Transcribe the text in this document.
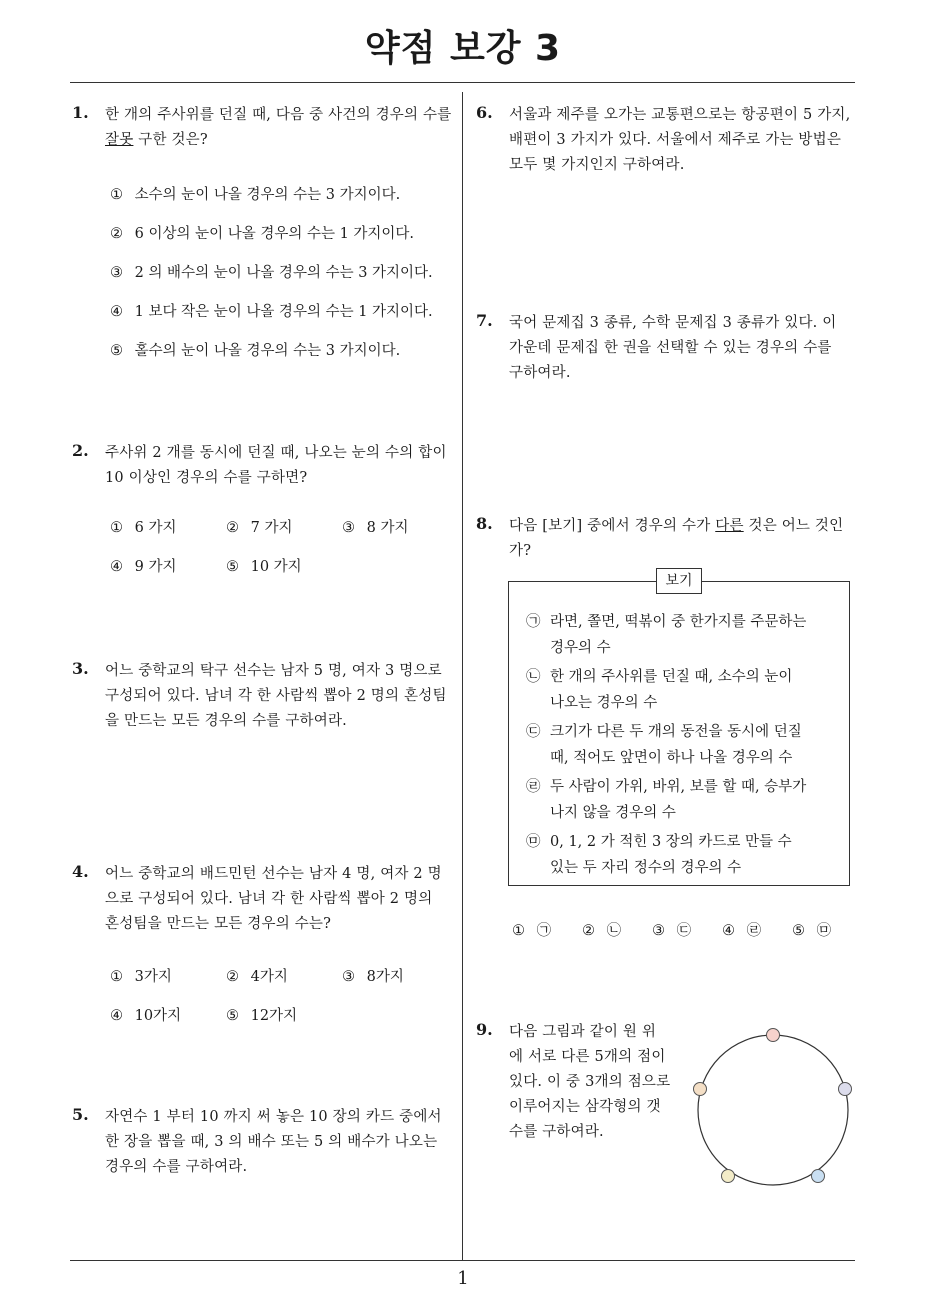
약점 보강 3
1
1. 한 개의 주사위를 던질 때, 다음 중 사건의 경우의 수를
잘못 구한 것은?
① 소수의 눈이 나올 경우의 수는 3 가지이다.
② 6 이상의 눈이 나올 경우의 수는 1 가지이다.
③ 2 의 배수의 눈이 나올 경우의 수는 3 가지이다.
④ 1 보다 작은 눈이 나올 경우의 수는 1 가지이다.
⑤ 홀수의 눈이 나올 경우의 수는 3 가지이다.
2. 주사위 2 개를 동시에 던질 때, 나오는 눈의 수의 합이
10 이상인 경우의 수를 구하면?
① 6 가지	② 7 가지	③ 8 가지
④ 9 가지	⑤ 10 가지
3. 어느 중학교의 탁구 선수는 남자 5 명, 여자 3 명으로
구성되어 있다. 남녀 각 한 사람씩 뽑아 2 명의 혼성팀
을 만드는 모든 경우의 수를 구하여라.
4. 어느 중학교의 배드민턴 선수는 남자 4 명, 여자 2 명
으로 구성되어 있다. 남녀 각 한 사람씩 뽑아 2 명의
혼성팀을 만드는 모든 경우의 수는?
① 3가지	② 4가지	③ 8가지
④ 10가지	⑤ 12가지
5. 자연수 1 부터 10 까지 써 놓은 10 장의 카드 중에서
한 장을 뽑을 때, 3 의 배수 또는 5 의 배수가 나오는
경우의 수를 구하여라.
6. 서울과 제주를 오가는 교통편으로는 항공편이 5 가지,
배편이 3 가지가 있다. 서울에서 제주로 가는 방법은
모두 몇 가지인지 구하여라.
7. 국어 문제집 3 종류, 수학 문제집 3 종류가 있다. 이
가운데 문제집 한 권을 선택할 수 있는 경우의 수를
구하여라.
8. 다음 [보기] 중에서 경우의 수가 다른 것은 어느 것인
가?
보기
㉠ 라면, 쫄면, 떡볶이 중 한가지를 주문하는
경우의 수
㉡ 한 개의 주사위를 던질 때, 소수의 눈이
나오는 경우의 수
㉢ 크기가 다른 두 개의 동전을 동시에 던질
때, 적어도 앞면이 하나 나올 경우의 수
㉣ 두 사람이 가위, 바위, 보를 할 때, 승부가
나지 않을 경우의 수
㉤ 0, 1, 2 가 적힌 3 장의 카드로 만들 수
있는 두 자리 정수의 경우의 수
① ㉠ ② ㉡ ③ ㉢ ④ ㉣ ⑤ ㉤
9. 다음 그림과 같이 원 위
에 서로 다른 5개의 점이
있다. 이 중 3개의 점으로
이루어지는 삼각형의 갯
수를 구하여라.
